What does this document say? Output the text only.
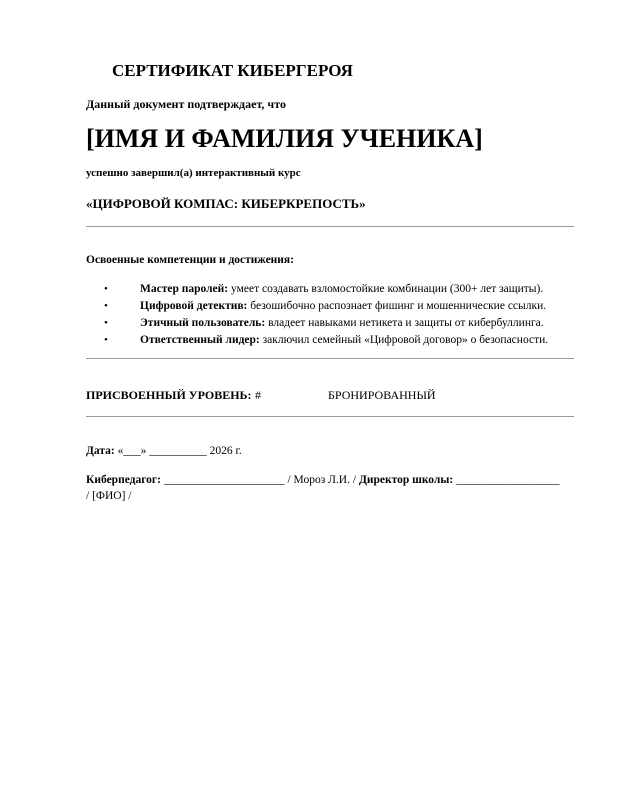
СЕРТИФИКАТ КИБЕРГЕРОЯ
Данный документ подтверждает, что
[ИМЯ И ФАМИЛИЯ УЧЕНИКА]
успешно завершил(а) интерактивный курс
«ЦИФРОВОЙ КОМПАС: КИБЕРКРЕПОСТЬ»
Освоенные компетенции и достижения:
•	Мастер паролей: умеет создавать взломостойкие комбинации (300+ лет защиты).
•	Цифровой детектив: безошибочно распознает фишинг и мошеннические ссылки.
•	Этичный пользователь: владеет навыками нетикета и защиты от кибербуллинга.
•	Ответственный лидер: заключил семейный «Цифровой договор» о безопасности.
ПРИСВОЕННЫЙ УРОВЕНЬ: #	БРОНИРОВАННЫЙ
Дата: «___» __________ 2026 г.
Киберпедагог: _____________________ / Мороз Л.И. / Директор школы: __________________
/ [ФИО] /
